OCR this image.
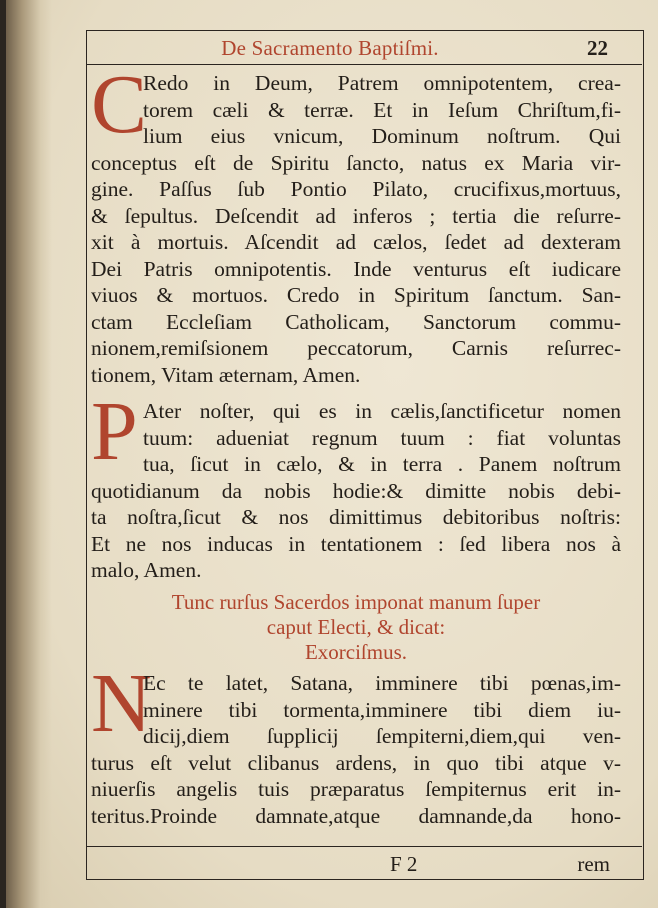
De Sacramento Baptiſmi.	22
C
Redo in Deum, Patrem omnipotentem, crea-
torem cæli & terræ. Et in Ieſum Chriſtum,fi-
lium eius vnicum, Dominum noſtrum. Qui
conceptus eſt de Spiritu ſancto, natus ex Maria vir-
gine. Paſſus ſub Pontio Pilato, crucifixus,mortuus,
& ſepultus. Deſcendit ad inferos ; tertia die reſurre-
xit à mortuis. Aſcendit ad cælos, ſedet ad dexteram
Dei Patris omnipotentis. Inde venturus eſt iudicare
viuos & mortuos. Credo in Spiritum ſanctum. San-
ctam Eccleſiam Catholicam, Sanctorum commu-
nionem,remiſsionem peccatorum, Carnis reſurrec-
tionem, Vitam æternam, Amen.
P Ater noſter, qui es in cælis,ſanctificetur nomen
tuum: adueniat regnum tuum : fiat voluntas
tua, ſicut in cælo, & in terra . Panem noſtrum
quotidianum da nobis hodie:& dimitte nobis debi-
ta noſtra,ſicut & nos dimittimus debitoribus noſtris:
Et ne nos inducas in tentationem : ſed libera nos à
malo, Amen.
Tunc rurſus Sacerdos imponat manum ſuper
caput Electi, & dicat:
Exorciſmus.
N
Ec te latet, Satana, imminere tibi pœnas,im-
minere tibi tormenta,imminere tibi diem iu-
dicij,diem ſupplicij ſempiterni,diem,qui ven-
turus eſt velut clibanus ardens, in quo tibi atque v-
niuerſis angelis tuis præparatus ſempiternus erit in-
teritus.Proinde damnate,atque damnande,da hono-
F 2	rem
